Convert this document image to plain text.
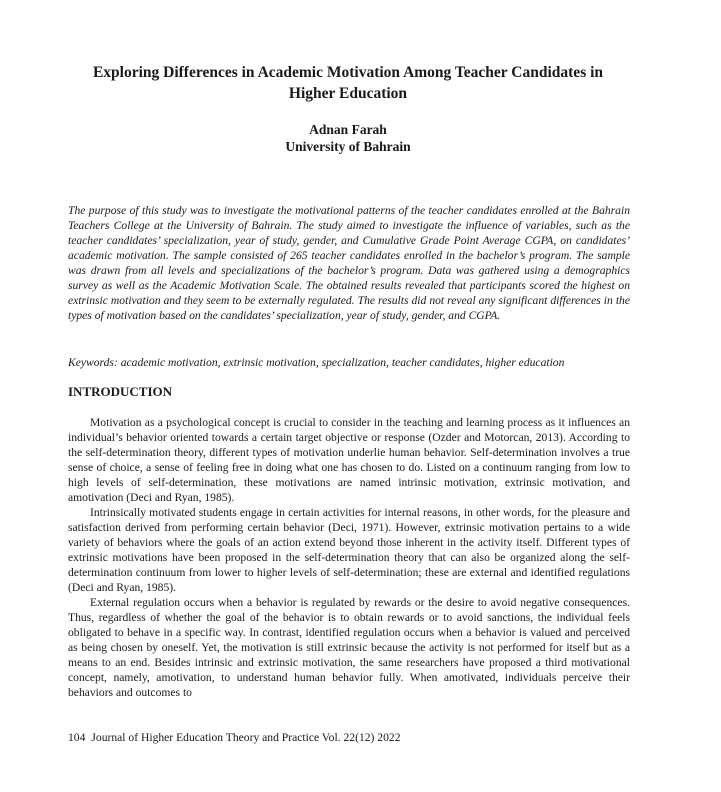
Exploring Differences in Academic Motivation Among Teacher Candidates in
Higher Education
Adnan Farah
University of Bahrain

The purpose of this study was to investigate the motivational patterns of the teacher candidates enrolled at the Bahrain Teachers College at the University of Bahrain. The study aimed to investigate the influence of variables, such as the teacher candidates’ specialization, year of study, gender, and Cumulative Grade Point Average CGPA, on candidates’ academic motivation. The sample consisted of 265 teacher candidates enrolled in the bachelor’s program. The sample was drawn from all levels and specializations of the bachelor’s program. Data was gathered using a demographics survey as well as the Academic Motivation Scale. The obtained results revealed that participants scored the highest on extrinsic motivation and they seem to be externally regulated. The results did not reveal any significant differences in the types of motivation based on the candidates’ specialization, year of study, gender, and CGPA.

Keywords: academic motivation, extrinsic motivation, specialization, teacher candidates, higher education

INTRODUCTION

Motivation as a psychological concept is crucial to consider in the teaching and learning process as it influences an individual’s behavior oriented towards a certain target objective or response (Ozder and Motorcan, 2013). According to the self-determination theory, different types of motivation underlie human behavior. Self-determination involves a true sense of choice, a sense of feeling free in doing what one has chosen to do. Listed on a continuum ranging from low to high levels of self-determination, these motivations are named intrinsic motivation, extrinsic motivation, and amotivation (Deci and Ryan, 1985).

Intrinsically motivated students engage in certain activities for internal reasons, in other words, for the pleasure and satisfaction derived from performing certain behavior (Deci, 1971). However, extrinsic motivation pertains to a wide variety of behaviors where the goals of an action extend beyond those inherent in the activity itself. Different types of extrinsic motivations have been proposed in the self-determination theory that can also be organized along the self-determination continuum from lower to higher levels of self-determination; these are external and identified regulations (Deci and Ryan, 1985).

External regulation occurs when a behavior is regulated by rewards or the desire to avoid negative consequences. Thus, regardless of whether the goal of the behavior is to obtain rewards or to avoid sanctions, the individual feels obligated to behave in a specific way. In contrast, identified regulation occurs when a behavior is valued and perceived as being chosen by oneself. Yet, the motivation is still extrinsic because the activity is not performed for itself but as a means to an end. Besides intrinsic and extrinsic motivation, the same researchers have proposed a third motivational concept, namely, amotivation, to understand human behavior fully. When amotivated, individuals perceive their behaviors and outcomes to

104 Journal of Higher Education Theory and Practice Vol. 22(12) 2022
